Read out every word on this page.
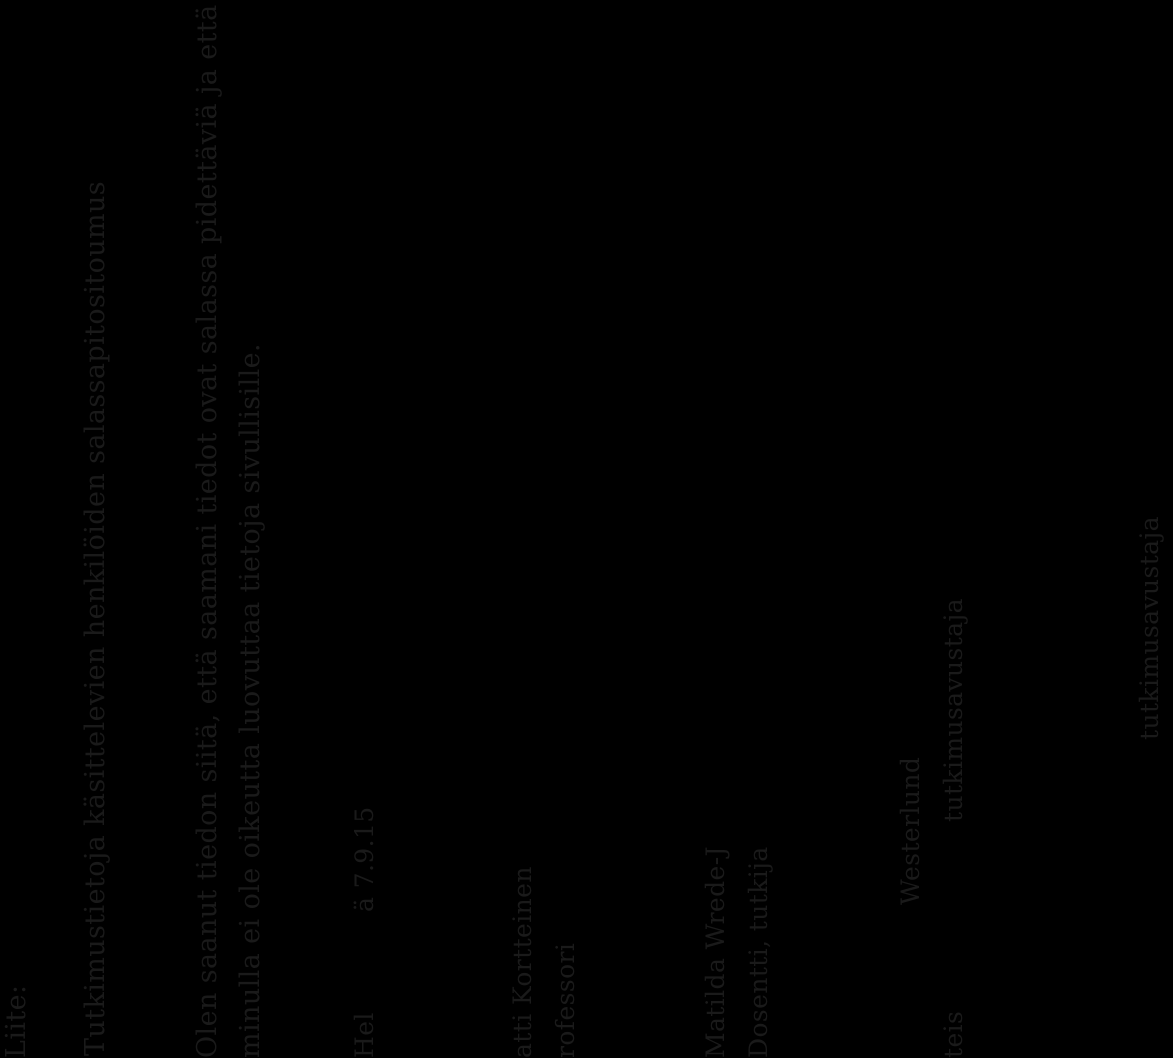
Liite: Tutkimustietoja käsittelevien henkilöiden salassapitositoumus	Olen saanut tiedon siitä, että saamani tiedot ovat salassa pidettäviä ja että minulla ei ole oikeutta luovuttaa tietoja sivullisille.	Hel
ä 7.9.15
atti Kortteinen rofessori	Matilda Wrede-J Dosentti, tutkija
Westerlund
teis
tutkimusavustaja	tutkimusavustaja
